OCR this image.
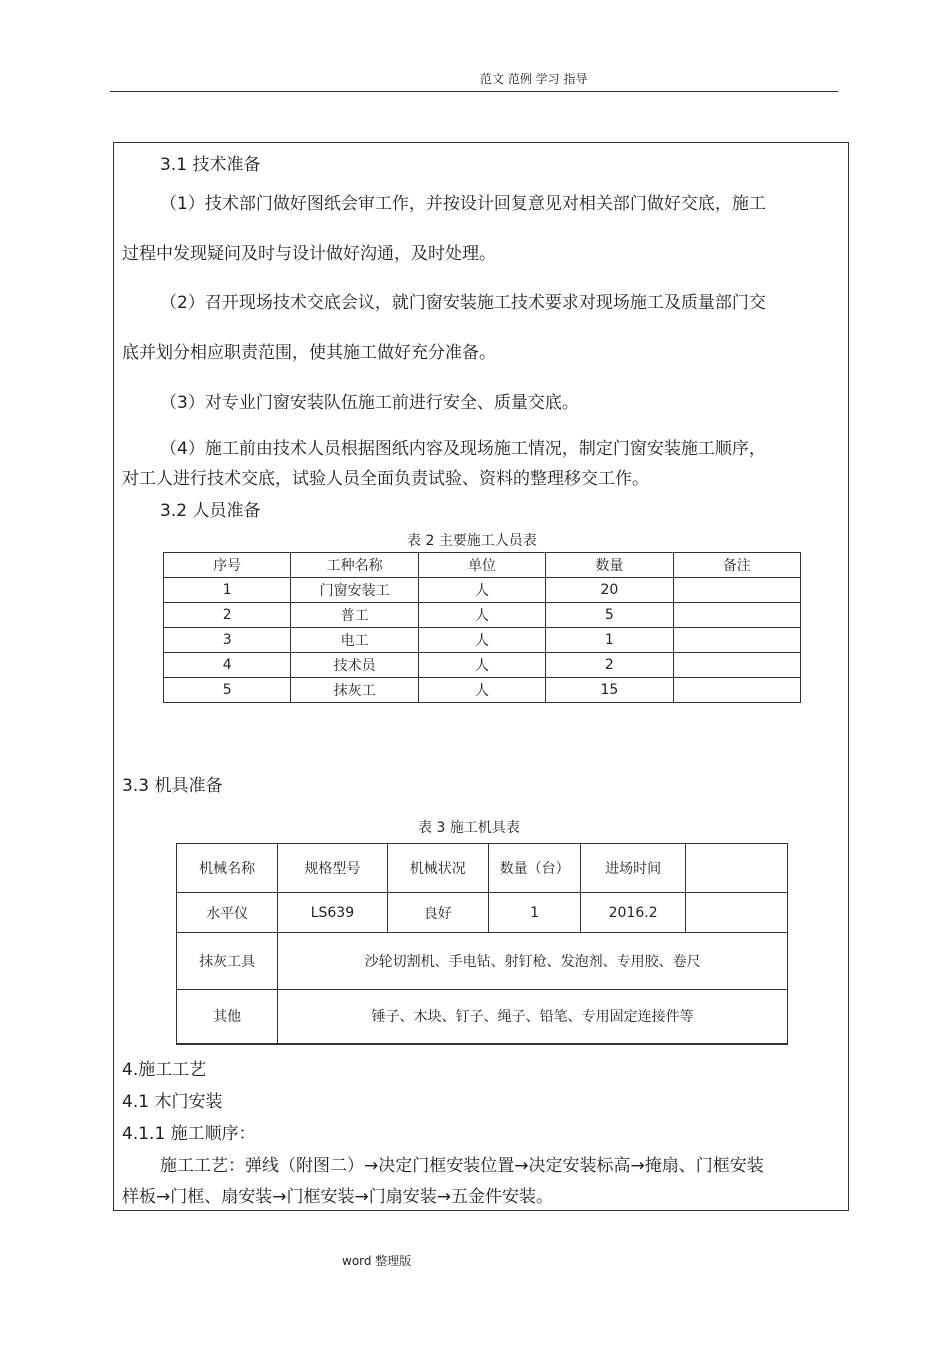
范文 范例 学习 指导
3.1 技术准备
（1）技术部门做好图纸会审工作，并按设计回复意见对相关部门做好交底，施工
过程中发现疑问及时与设计做好沟通，及时处理。
（2）召开现场技术交底会议，就门窗安装施工技术要求对现场施工及质量部门交
底并划分相应职责范围，使其施工做好充分准备。
（3）对专业门窗安装队伍施工前进行安全、质量交底。
（4）施工前由技术人员根据图纸内容及现场施工情况，制定门窗安装施工顺序，
对工人进行技术交底，试验人员全面负责试验、资料的整理移交工作。
3.2 人员准备
表 2 主要施工人员表
序号	工种名称	单位	数量	备注
1	门窗安装工	人	20	
2	普工	人	5	
3	电工	人	1	
4	技术员	人	2	
5	抹灰工	人	15	
3.3 机具准备
表 3 施工机具表
机械名称	规格型号	机械状况	数量（台）	进场时间	
水平仪	LS639	良好	1	2016.2	
抹灰工具	沙轮切割机、手电钻、射钉枪、发泡剂、专用胶、卷尺				
其他	锤子、木块、钉子、绳子、铅笔、专用固定连接件等				
4.施工工艺
4.1 木门安装
4.1.1 施工顺序：
施工工艺：弹线（附图二）→决定门框安装位置→决定安装标高→掩扇、门框安装
样板→门框、扇安装→门框安装→门扇安装→五金件安装。
word 整理版
